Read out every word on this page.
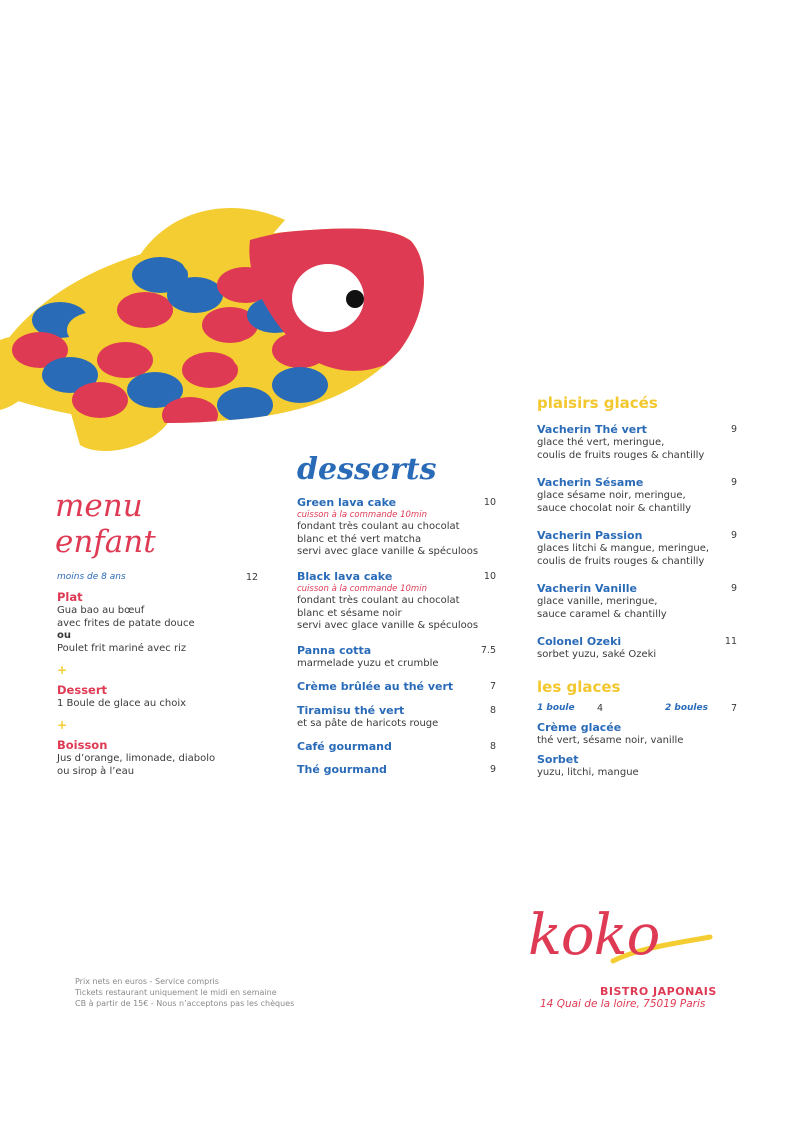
menu
enfant
moins de 8 ans	12
Plat
Gua bao au bœuf
avec frites de patate douce
ou
Poulet frit mariné avec riz
+
Dessert
1 Boule de glace au choix
+
Boisson
Jus d’orange, limonade, diabolo
ou sirop à l’eau
desserts
Green lava cake
cuisson à la commande 10min
fondant très coulant au chocolat
blanc et thé vert matcha
servi avec glace vanille & spéculoos
10
Black lava cake
cuisson à la commande 10min
fondant très coulant au chocolat
blanc et sésame noir
servi avec glace vanille & spéculoos
10
Panna cotta
marmelade yuzu et crumble
7.5
Crème brûlée au thé vert	7
Tiramisu thé vert
et sa pâte de haricots rouge
8
Café gourmand	8
Thé gourmand	9
plaisirs glacés
Vacherin Thé vert
glace thé vert, meringue,
coulis de fruits rouges & chantilly
9
Vacherin Sésame
glace sésame noir, meringue,
sauce chocolat noir & chantilly
9
Vacherin Passion
glaces litchi & mangue, meringue,
coulis de fruits rouges & chantilly
9
Vacherin Vanille
glace vanille, meringue,
sauce caramel & chantilly
9
Colonel Ozeki
sorbet yuzu, saké Ozeki
11
les glaces
1 boule 4	2 boules	7
Crème glacée
thé vert, sésame noir, vanille
Sorbet
yuzu, litchi, mangue
Prix nets en euros - Service compris
Tickets restaurant uniquement le midi en semaine
CB à partir de 15€ - Nous n’acceptons pas les chèques
koko
BISTRO JAPONAIS
14 Quai de la loire, 75019 Paris
